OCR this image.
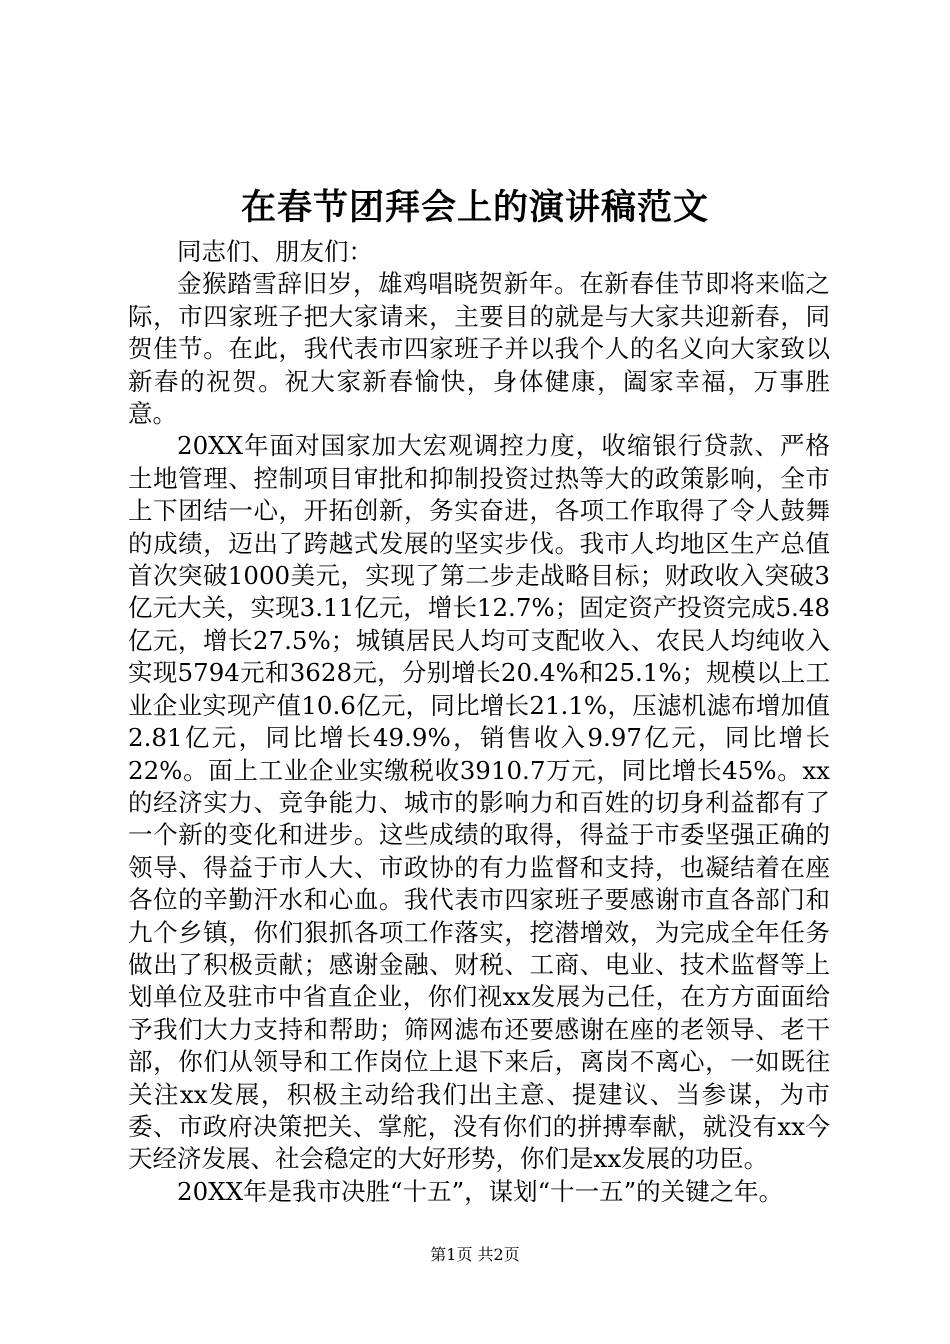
在春节团拜会上的演讲稿范文

同志们、朋友们：

金猴踏雪辞旧岁，雄鸡唱晓贺新年。在新春佳节即将来临之际，市四家班子把大家请来，主要目的就是与大家共迎新春，同贺佳节。在此，我代表市四家班子并以我个人的名义向大家致以新春的祝贺。祝大家新春愉快，身体健康，阖家幸福，万事胜意。

20XX年面对国家加大宏观调控力度，收缩银行贷款、严格土地管理、控制项目审批和抑制投资过热等大的政策影响，全市上下团结一心，开拓创新，务实奋进，各项工作取得了令人鼓舞的成绩，迈出了跨越式发展的坚实步伐。我市人均地区生产总值首次突破1000美元，实现了第二步走战略目标；财政收入突破3亿元大关，实现3.11亿元，增长12.7%；固定资产投资完成5.48亿元，增长27.5%；城镇居民人均可支配收入、农民人均纯收入实现5794元和3628元，分别增长20.4%和25.1%；规模以上工业企业实现产值10.6亿元，同比增长21.1%，压滤机滤布增加值2.81亿元，同比增长49.9%，销售收入9.97亿元，同比增长22%。面上工业企业实缴税收3910.7万元，同比增长45%。xx的经济实力、竞争能力、城市的影响力和百姓的切身利益都有了一个新的变化和进步。这些成绩的取得，得益于市委坚强正确的领导、得益于市人大、市政协的有力监督和支持，也凝结着在座各位的辛勤汗水和心血。我代表市四家班子要感谢市直各部门和九个乡镇，你们狠抓各项工作落实，挖潜增效，为完成全年任务做出了积极贡献；感谢金融、财税、工商、电业、技术监督等上划单位及驻市中省直企业，你们视xx发展为己任，在方方面面给予我们大力支持和帮助；筛网滤布还要感谢在座的老领导、老干部，你们从领导和工作岗位上退下来后，离岗不离心，一如既往关注xx发展，积极主动给我们出主意、提建议、当参谋，为市委、市政府决策把关、掌舵，没有你们的拼搏奉献，就没有xx今天经济发展、社会稳定的大好形势，你们是xx发展的功臣。

20XX年是我市决胜“十五”，谋划“十一五”的关键之年。

第1页 共2页
